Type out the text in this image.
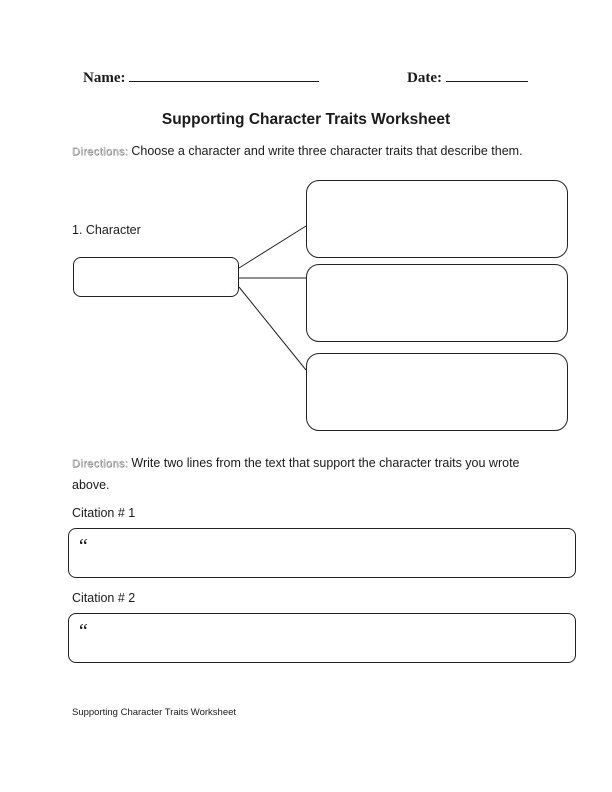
Name:	Date:
Supporting Character Traits Worksheet
Directions: Choose a character and write three character traits that describe them.
1. Character
Directions: Write two lines from the text that support the character traits you wrote above.
Citation # 1
“
Citation # 2
“
Supporting Character Traits Worksheet
